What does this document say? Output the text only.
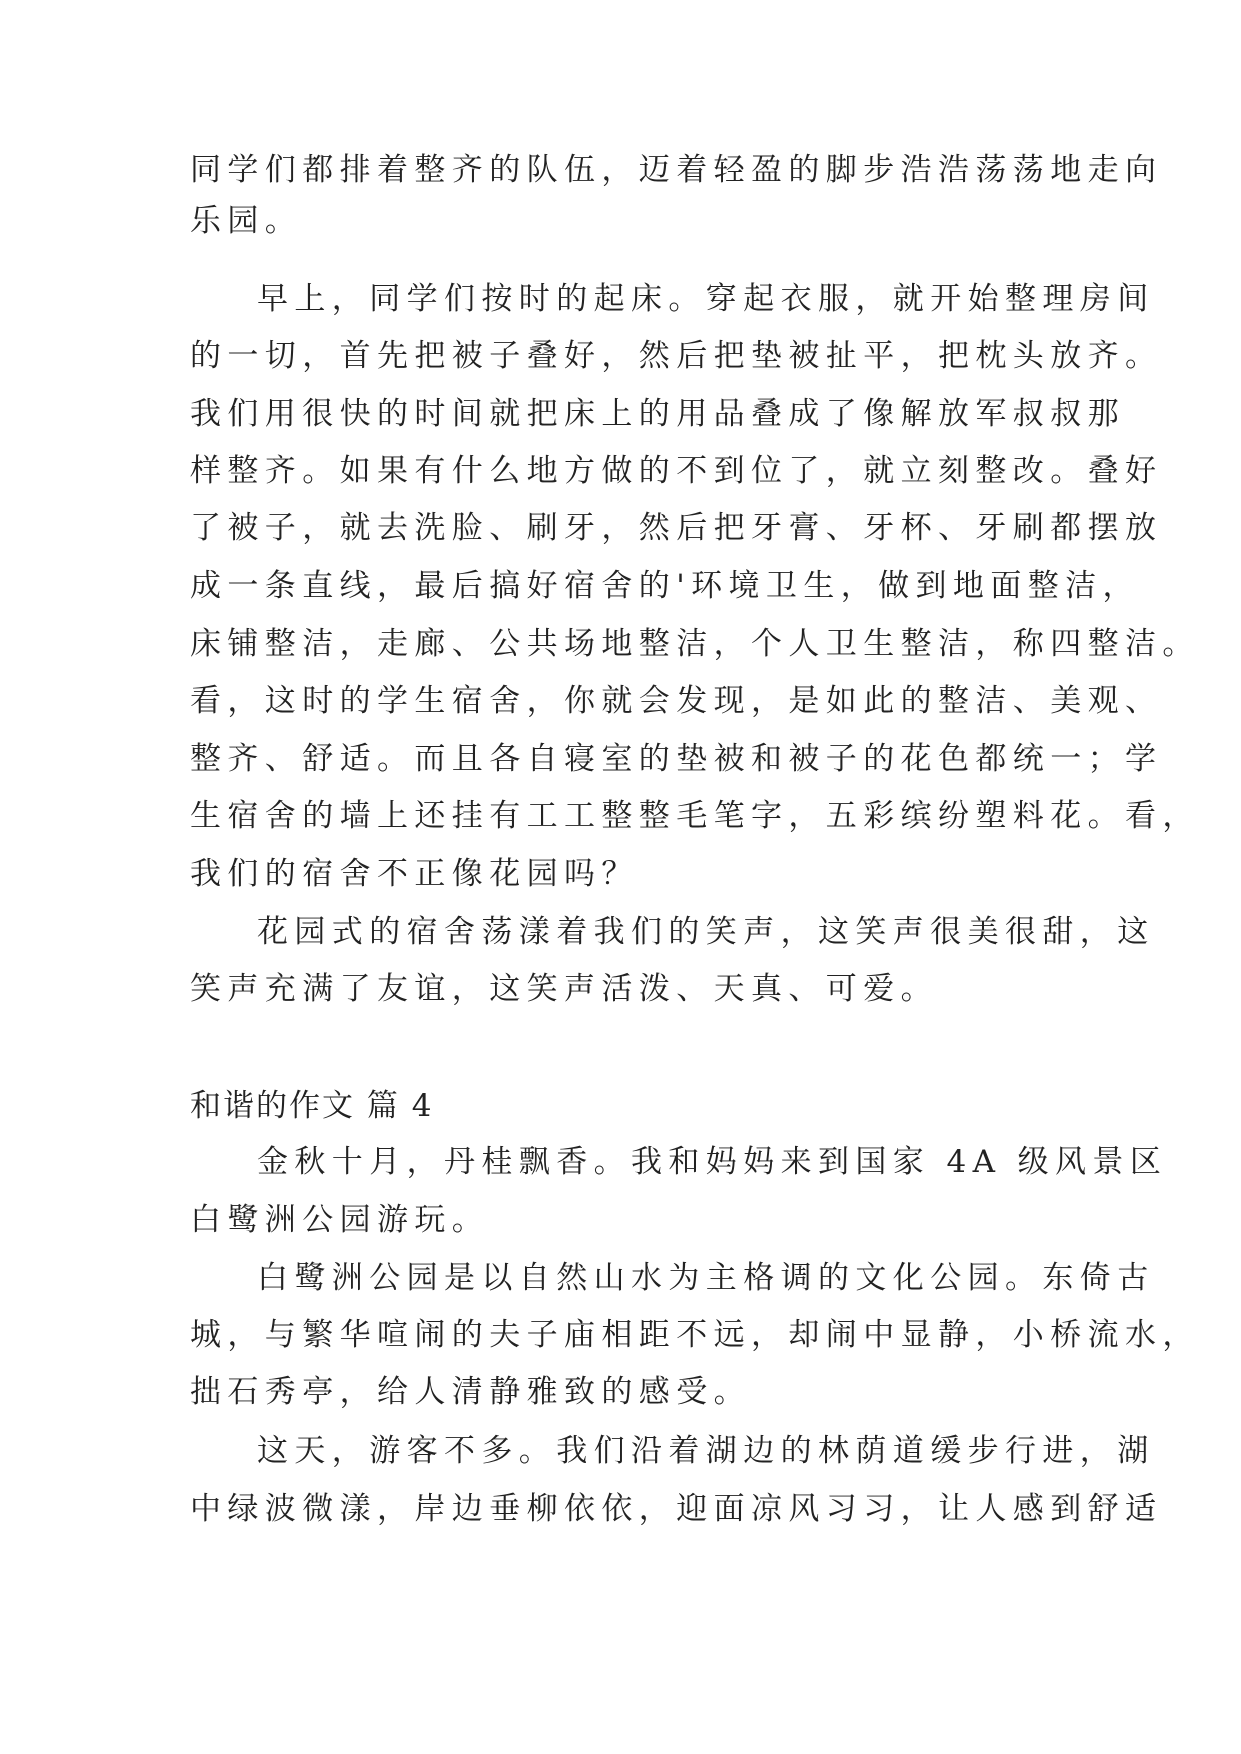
同学们都排着整齐的队伍，迈着轻盈的脚步浩浩荡荡地走向
乐园。
早上，同学们按时的起床。穿起衣服，就开始整理房间
的一切，首先把被子叠好，然后把垫被扯平，把枕头放齐。
我们用很快的时间就把床上的用品叠成了像解放军叔叔那
样整齐。如果有什么地方做的不到位了，就立刻整改。叠好
了被子，就去洗脸、刷牙，然后把牙膏、牙杯、牙刷都摆放
成一条直线，最后搞好宿舍的'环境卫生，做到地面整洁，
床铺整洁，走廊、公共场地整洁，个人卫生整洁，称四整洁。
看，这时的学生宿舍，你就会发现，是如此的整洁、美观、
整齐、舒适。而且各自寝室的垫被和被子的花色都统一；学
生宿舍的墙上还挂有工工整整毛笔字，五彩缤纷塑料花。看，
我们的宿舍不正像花园吗？
花园式的宿舍荡漾着我们的笑声，这笑声很美很甜，这
笑声充满了友谊，这笑声活泼、天真、可爱。
和谐的作文 篇 4
金秋十月，丹桂飘香。我和妈妈来到国家 4A 级风景区
白鹭洲公园游玩。
白鹭洲公园是以自然山水为主格调的文化公园。东倚古
城，与繁华喧闹的夫子庙相距不远，却闹中显静，小桥流水，
拙石秀亭，给人清静雅致的感受。
这天，游客不多。我们沿着湖边的林荫道缓步行进，湖
中绿波微漾，岸边垂柳依依，迎面凉风习习，让人感到舒适
